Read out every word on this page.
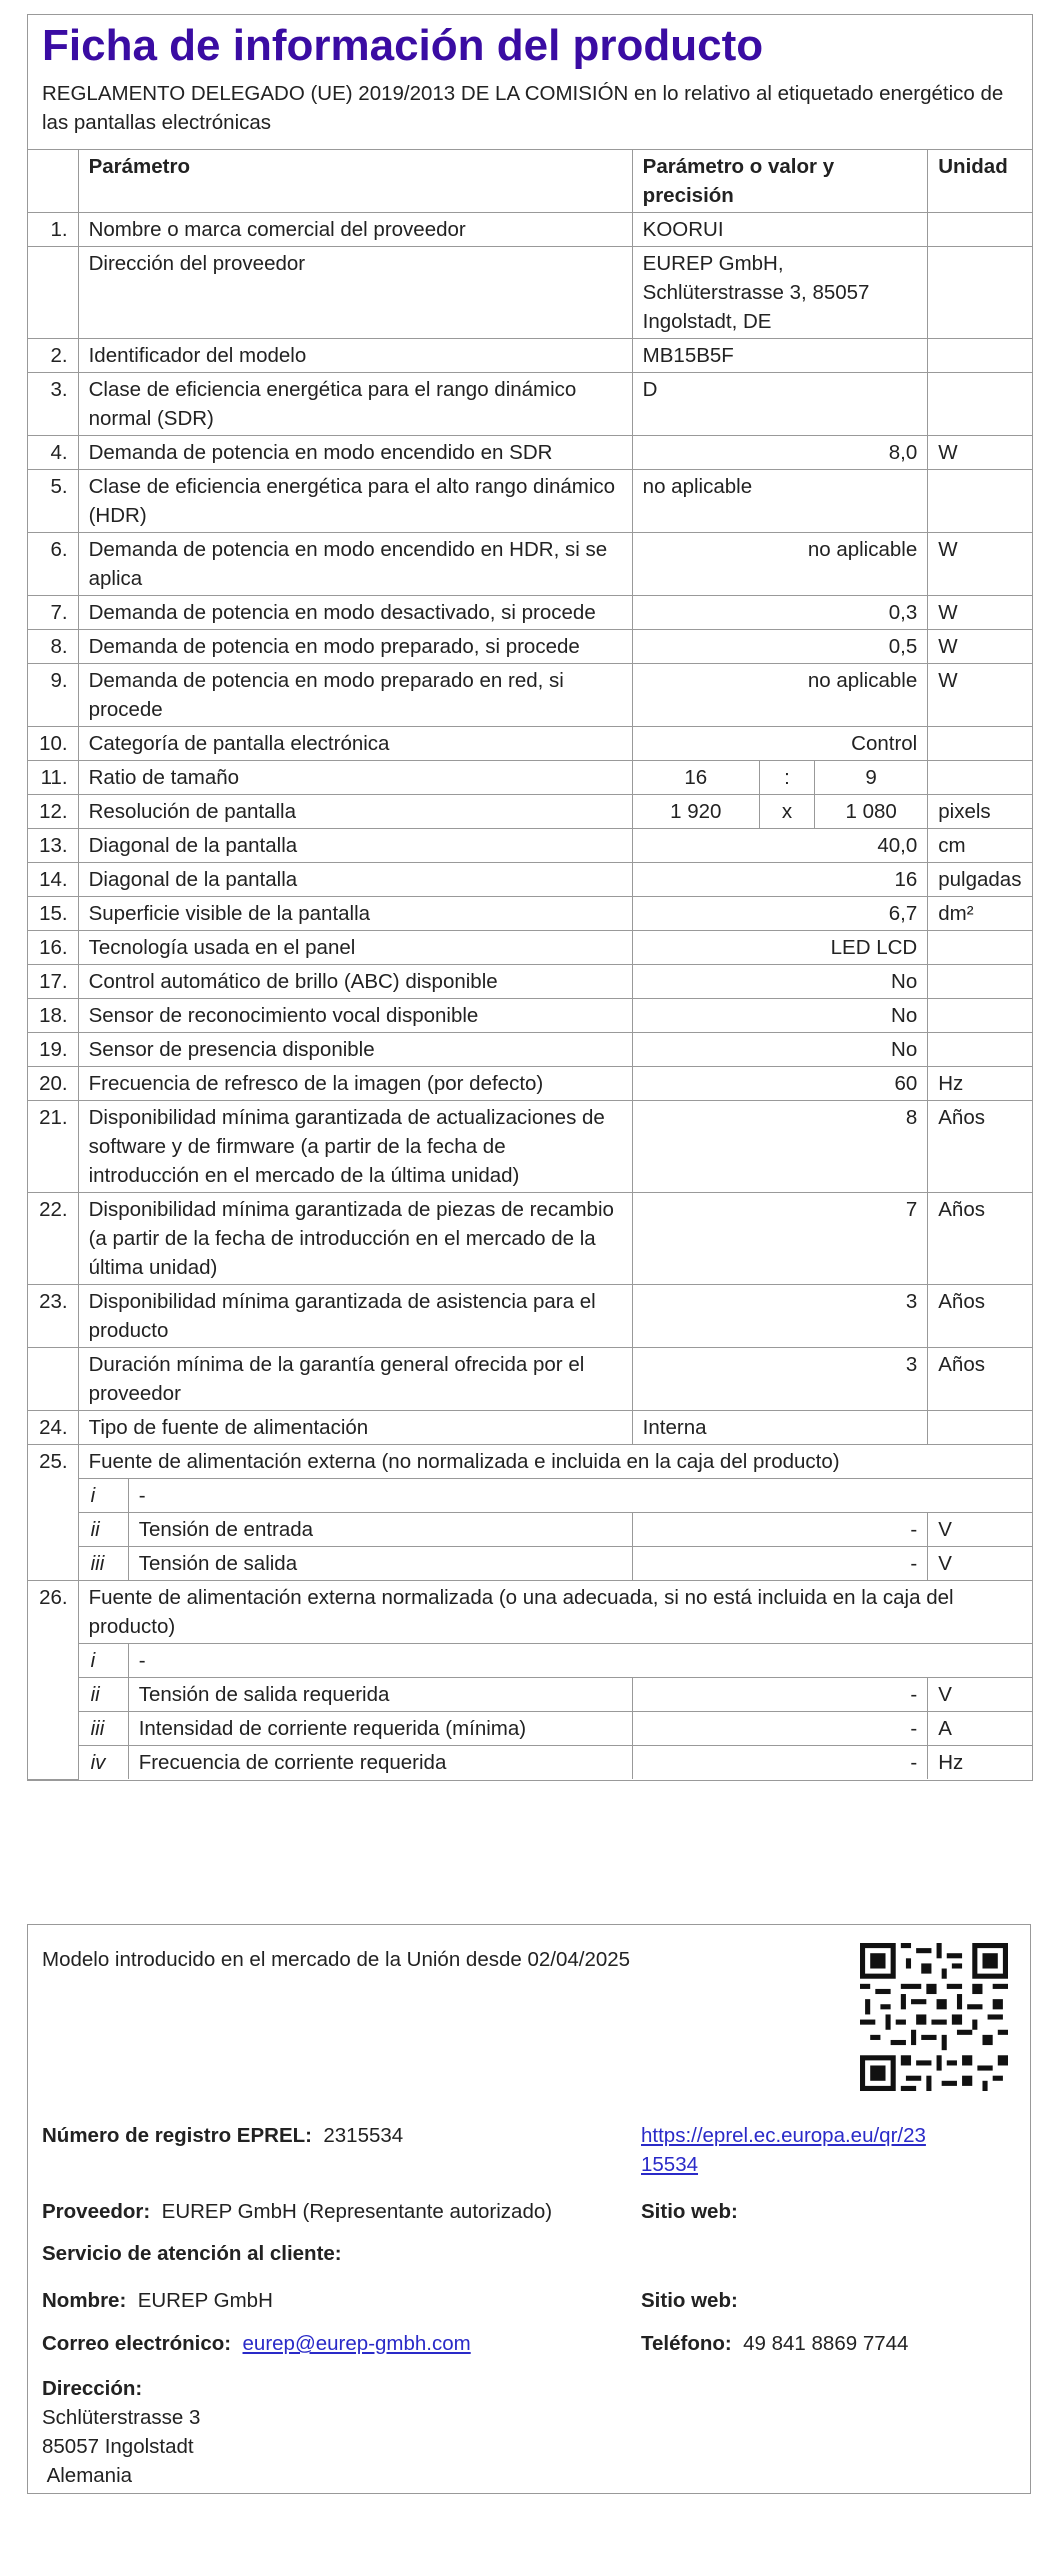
Ficha de información del producto
REGLAMENTO DELEGADO (UE) 2019/2013 DE LA COMISIÓN en lo relativo al etiquetado energético de las pantallas electrónicas
	Parámetro		Parámetro o valor y precisión			Unidad
1.	Nombre o marca comercial del proveedor		KOORUI			
	Dirección del proveedor		EUREP GmbH, Schlüterstrasse 3, 85057 Ingolstadt, DE			
2.	Identificador del modelo		MB15B5F			
3.	Clase de eficiencia energética para el rango dinámico normal (SDR)		D			
4.	Demanda de potencia en modo encendido en SDR		8,0			W
5.	Clase de eficiencia energética para el alto rango dinámico (HDR)		no aplicable			
6.	Demanda de potencia en modo encendido en HDR, si se aplica		no aplicable			W
7.	Demanda de potencia en modo desactivado, si procede		0,3			W
8.	Demanda de potencia en modo preparado, si procede		0,5			W
9.	Demanda de potencia en modo preparado en red, si procede		no aplicable			W
10.	Categoría de pantalla electrónica		Control			
11.	Ratio de tamaño		16	:	9	
12.	Resolución de pantalla		1 920	x	1 080	pixels
13.	Diagonal de la pantalla		40,0			cm
14.	Diagonal de la pantalla		16			pulgadas
15.	Superficie visible de la pantalla		6,7			dm²
16.	Tecnología usada en el panel		LED LCD			
17.	Control automático de brillo (ABC) disponible		No			
18.	Sensor de reconocimiento vocal disponible		No			
19.	Sensor de presencia disponible		No			
20.	Frecuencia de refresco de la imagen (por defecto)		60			Hz
21.	Disponibilidad mínima garantizada de actualizaciones de software y de firmware (a partir de la fecha de introducción en el mercado de la última unidad)		8			Años
22.	Disponibilidad mínima garantizada de piezas de recambio (a partir de la fecha de introducción en el mercado de la última unidad)		7			Años
23.	Disponibilidad mínima garantizada de asistencia para el producto		3			Años
	Duración mínima de la garantía general ofrecida por el proveedor		3			Años
24.	Tipo de fuente de alimentación		Interna			
25.	Fuente de alimentación externa (no normalizada e incluida en la caja del producto)					
	i	-				
	ii	Tensión de entrada	-			V
	iii	Tensión de salida	-			V
26.	Fuente de alimentación externa normalizada (o una adecuada, si no está incluida en la caja del producto)					
	i	-				
	ii	Tensión de salida requerida	-			V
	iii	Intensidad de corriente requerida (mínima)	-			A
	iv	Frecuencia de corriente requerida	-			Hz
Modelo introducido en el mercado de la Unión desde 02/04/2025
Número de registro EPREL: 2315534	https://eprel.ec.europa.eu/qr/23
15534
Proveedor: EUREP GmbH (Representante autorizado)	Sitio web:
Servicio de atención al cliente:
Nombre: EUREP GmbH	Sitio web:
Correo electrónico: eurep@eurep-gmbh.com	Teléfono: 49 841 8869 7744
Dirección:
Schlüterstrasse 3
85057 Ingolstadt
Alemania
